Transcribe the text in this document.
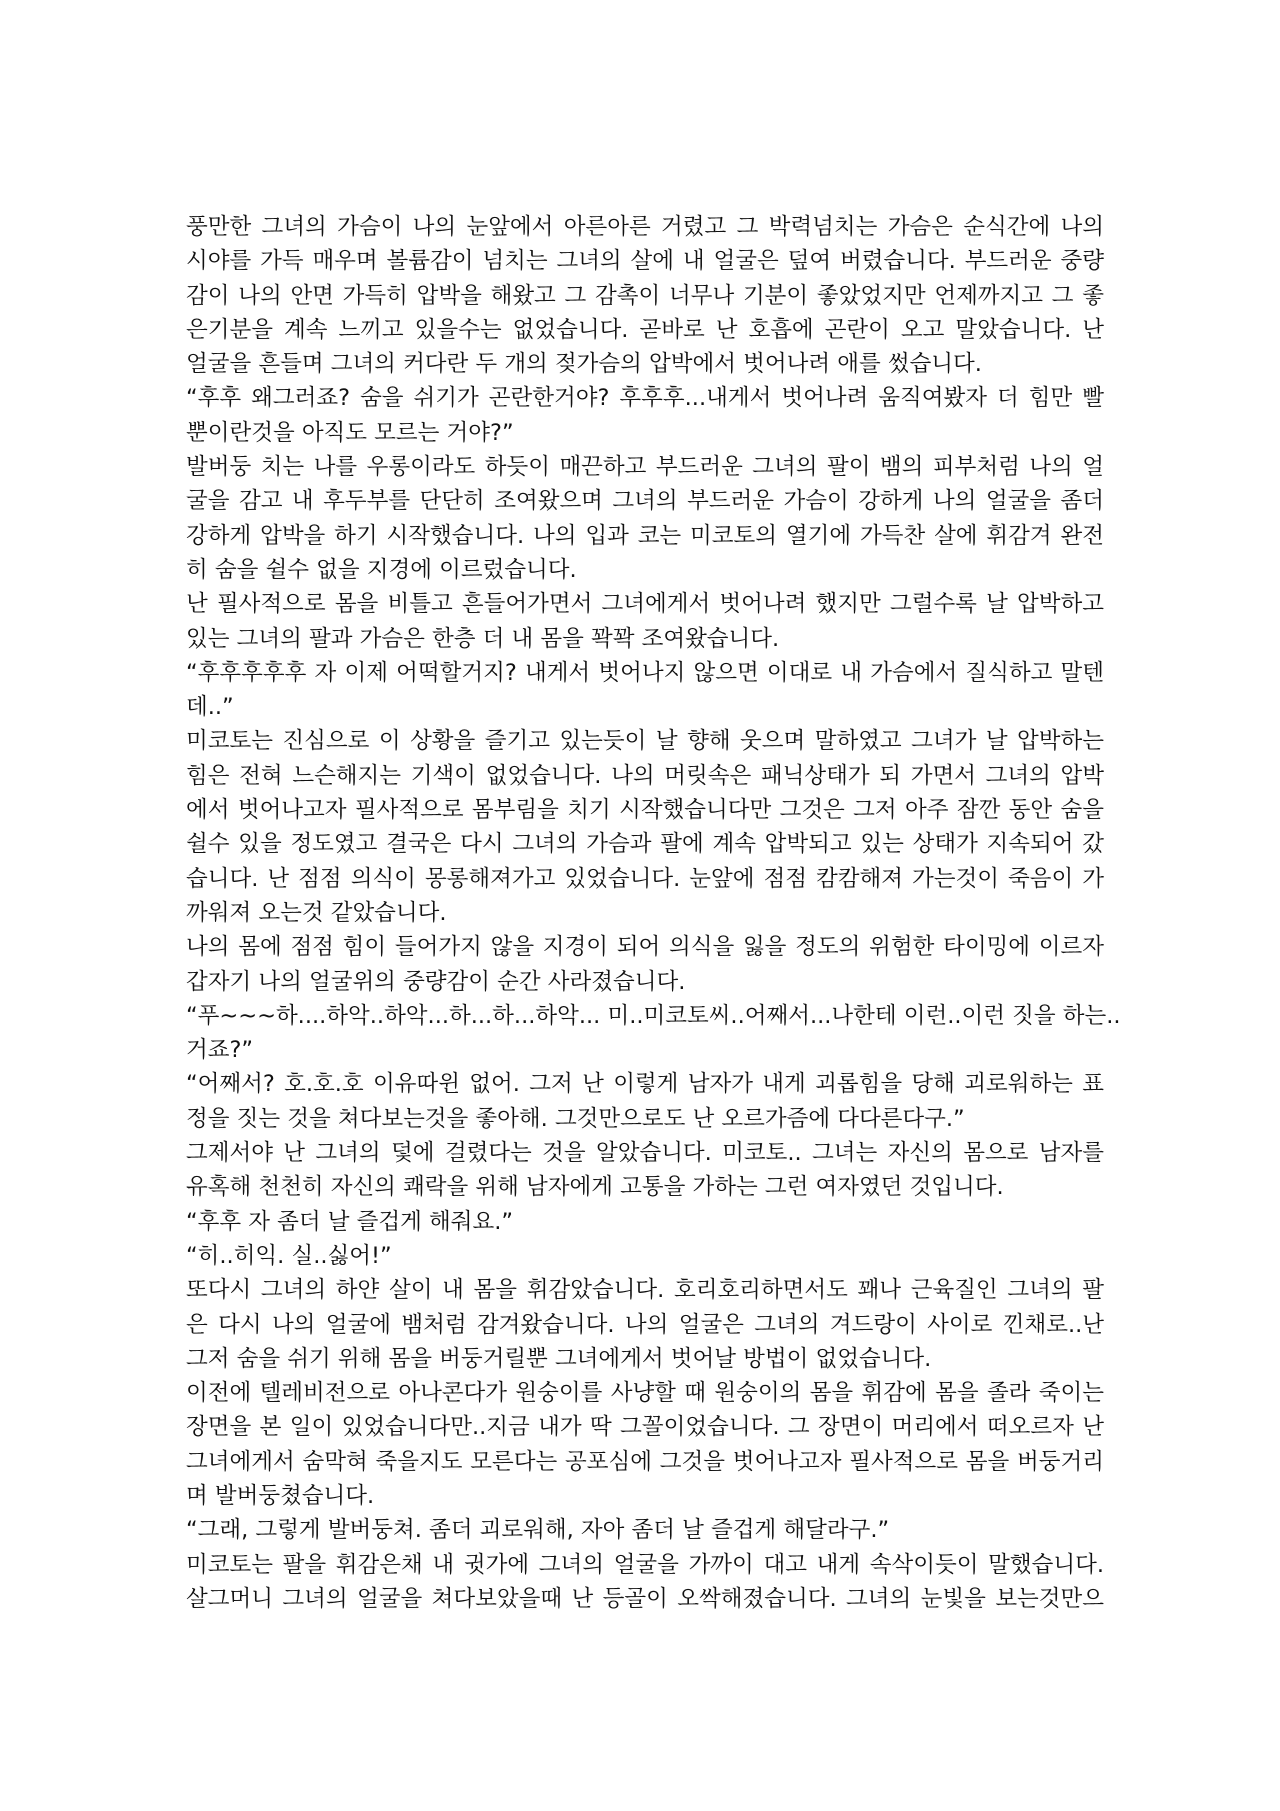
풍만한 그녀의 가슴이 나의 눈앞에서 아른아른 거렸고 그 박력넘치는 가슴은 순식간에 나의
시야를 가득 매우며 볼륨감이 넘치는 그녀의 살에 내 얼굴은 덮여 버렸습니다. 부드러운 중량
감이 나의 안면 가득히 압박을 해왔고 그 감촉이 너무나 기분이 좋았었지만 언제까지고 그 좋
은기분을 계속 느끼고 있을수는 없었습니다. 곧바로 난 호흡에 곤란이 오고 말았습니다. 난
얼굴을 흔들며 그녀의 커다란 두 개의 젖가슴의 압박에서 벗어나려 애를 썼습니다.
“후후 왜그러죠? 숨을 쉬기가 곤란한거야? 후후후...내게서 벗어나려 움직여봤자 더 힘만 빨
뿐이란것을 아직도 모르는 거야?”
발버둥 치는 나를 우롱이라도 하듯이 매끈하고 부드러운 그녀의 팔이 뱀의 피부처럼 나의 얼
굴을 감고 내 후두부를 단단히 조여왔으며 그녀의 부드러운 가슴이 강하게 나의 얼굴을 좀더
강하게 압박을 하기 시작했습니다. 나의 입과 코는 미코토의 열기에 가득찬 살에 휘감겨 완전
히 숨을 쉴수 없을 지경에 이르렀습니다.
난 필사적으로 몸을 비틀고 흔들어가면서 그녀에게서 벗어나려 했지만 그럴수록 날 압박하고
있는 그녀의 팔과 가슴은 한층 더 내 몸을 꽉꽉 조여왔습니다.
“후후후후후 자 이제 어떡할거지? 내게서 벗어나지 않으면 이대로 내 가슴에서 질식하고 말텐
데..”
미코토는 진심으로 이 상황을 즐기고 있는듯이 날 향해 웃으며 말하였고 그녀가 날 압박하는
힘은 전혀 느슨해지는 기색이 없었습니다. 나의 머릿속은 패닉상태가 되 가면서 그녀의 압박
에서 벗어나고자 필사적으로 몸부림을 치기 시작했습니다만 그것은 그저 아주 잠깐 동안 숨을
쉴수 있을 정도였고 결국은 다시 그녀의 가슴과 팔에 계속 압박되고 있는 상태가 지속되어 갔
습니다. 난 점점 의식이 몽롱해져가고 있었습니다. 눈앞에 점점 캄캄해져 가는것이 죽음이 가
까워져 오는것 같았습니다.
나의 몸에 점점 힘이 들어가지 않을 지경이 되어 의식을 잃을 정도의 위험한 타이밍에 이르자
갑자기 나의 얼굴위의 중량감이 순간 사라졌습니다.
“푸~~~하....하악..하악...하...하...하악... 미..미코토씨..어째서...나한테 이런..이런 짓을 하는..
거죠?”
“어째서? 호.호.호 이유따윈 없어. 그저 난 이렇게 남자가 내게 괴롭힘을 당해 괴로워하는 표
정을 짓는 것을 쳐다보는것을 좋아해. 그것만으로도 난 오르가즘에 다다른다구.”
그제서야 난 그녀의 덫에 걸렸다는 것을 알았습니다. 미코토.. 그녀는 자신의 몸으로 남자를
유혹해 천천히 자신의 쾌락을 위해 남자에게 고통을 가하는 그런 여자였던 것입니다.
“후후 자 좀더 날 즐겁게 해줘요.”
“히..히익. 실..싫어!”
또다시 그녀의 하얀 살이 내 몸을 휘감았습니다. 호리호리하면서도 꽤나 근육질인 그녀의 팔
은 다시 나의 얼굴에 뱀처럼 감겨왔습니다. 나의 얼굴은 그녀의 겨드랑이 사이로 낀채로..난
그저 숨을 쉬기 위해 몸을 버둥거릴뿐 그녀에게서 벗어날 방법이 없었습니다.
이전에 텔레비전으로 아나콘다가 원숭이를 사냥할 때 원숭이의 몸을 휘감에 몸을 졸라 죽이는
장면을 본 일이 있었습니다만..지금 내가 딱 그꼴이었습니다. 그 장면이 머리에서 떠오르자 난
그녀에게서 숨막혀 죽을지도 모른다는 공포심에 그것을 벗어나고자 필사적으로 몸을 버둥거리
며 발버둥쳤습니다.
“그래, 그렇게 발버둥쳐. 좀더 괴로워해, 자아 좀더 날 즐겁게 해달라구.”
미코토는 팔을 휘감은채 내 귓가에 그녀의 얼굴을 가까이 대고 내게 속삭이듯이 말했습니다.
살그머니 그녀의 얼굴을 쳐다보았을때 난 등골이 오싹해졌습니다. 그녀의 눈빛을 보는것만으
